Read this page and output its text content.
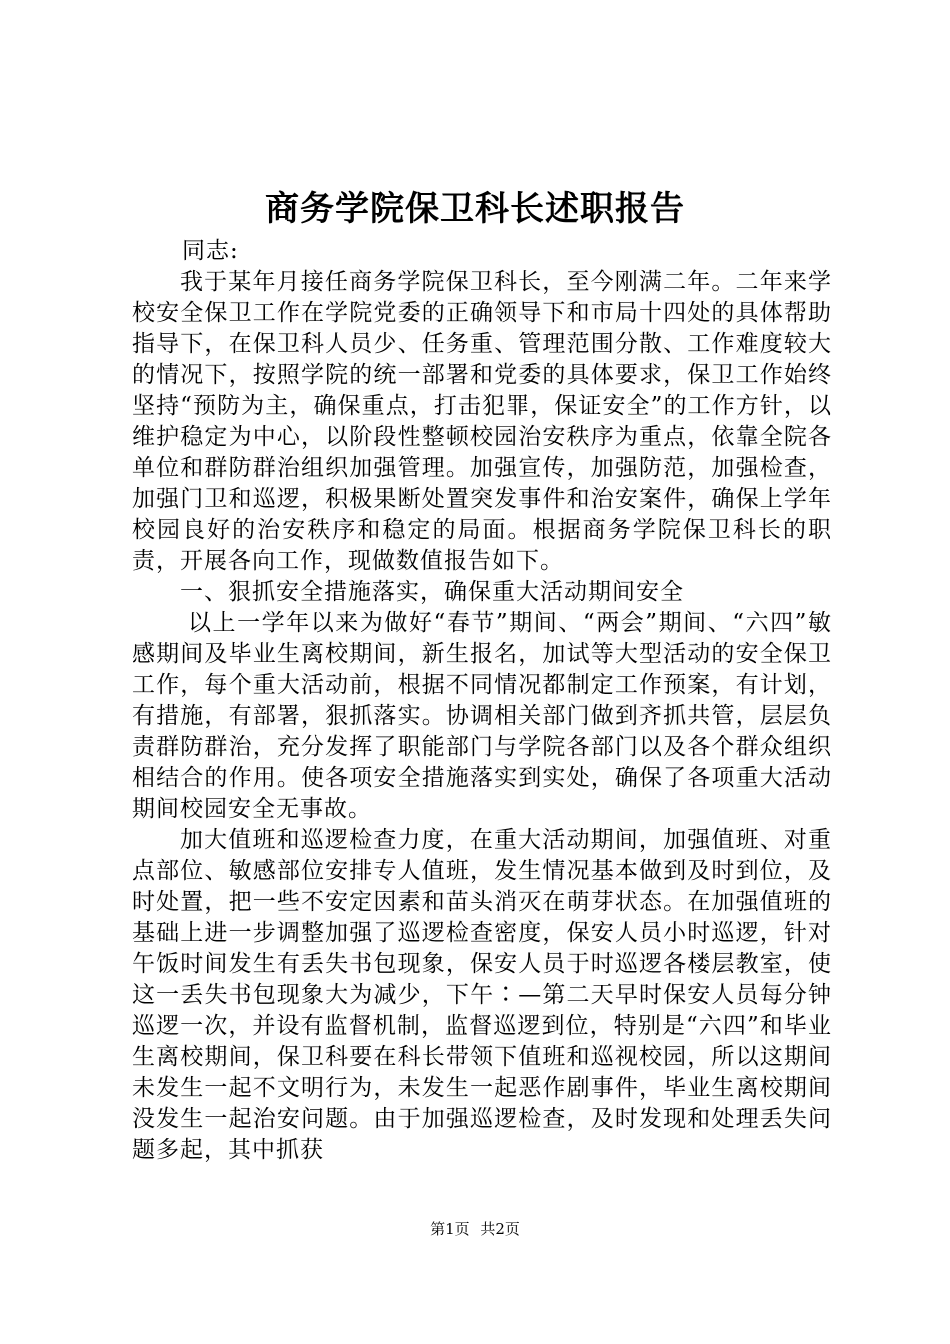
商务学院保卫科长述职报告

同志:

我于某年月接任商务学院保卫科长，至今刚满二年。二年来学校安全保卫工作在学院党委的正确领导下和市局十四处的具体帮助指导下，在保卫科人员少、任务重、管理范围分散、工作难度较大的情况下，按照学院的统一部署和党委的具体要求，保卫工作始终坚持“预防为主，确保重点，打击犯罪，保证安全”的工作方针，以维护稳定为中心，以阶段性整顿校园治安秩序为重点，依靠全院各单位和群防群治组织加强管理。加强宣传，加强防范，加强检查，加强门卫和巡逻，积极果断处置突发事件和治安案件，确保上学年校园良好的治安秩序和稳定的局面。根据商务学院保卫科长的职责，开展各向工作，现做数值报告如下。

一、狠抓安全措施落实，确保重大活动期间安全

以上一学年以来为做好“春节”期间、“两会”期间、“六四”敏感期间及毕业生离校期间，新生报名，加试等大型活动的安全保卫工作，每个重大活动前，根据不同情况都制定工作预案，有计划，有措施，有部署，狠抓落实。协调相关部门做到齐抓共管，层层负责群防群治，充分发挥了职能部门与学院各部门以及各个群众组织相结合的作用。使各项安全措施落实到实处，确保了各项重大活动期间校园安全无事故。

加大值班和巡逻检查力度，在重大活动期间，加强值班、对重点部位、敏感部位安排专人值班，发生情况基本做到及时到位，及时处置，把一些不安定因素和苗头消灭在萌芽状态。在加强值班的基础上进一步调整加强了巡逻检查密度，保安人员小时巡逻，针对午饭时间发生有丢失书包现象，保安人员于时巡逻各楼层教室，使这一丢失书包现象大为减少，下午∶—第二天早时保安人员每分钟巡逻一次，并设有监督机制，监督巡逻到位，特别是“六四”和毕业生离校期间，保卫科要在科长带领下值班和巡视校园，所以这期间未发生一起不文明行为，未发生一起恶作剧事件，毕业生离校期间没发生一起治安问题。由于加强巡逻检查，及时发现和处理丢失问题多起，其中抓获

第1页 共2页
